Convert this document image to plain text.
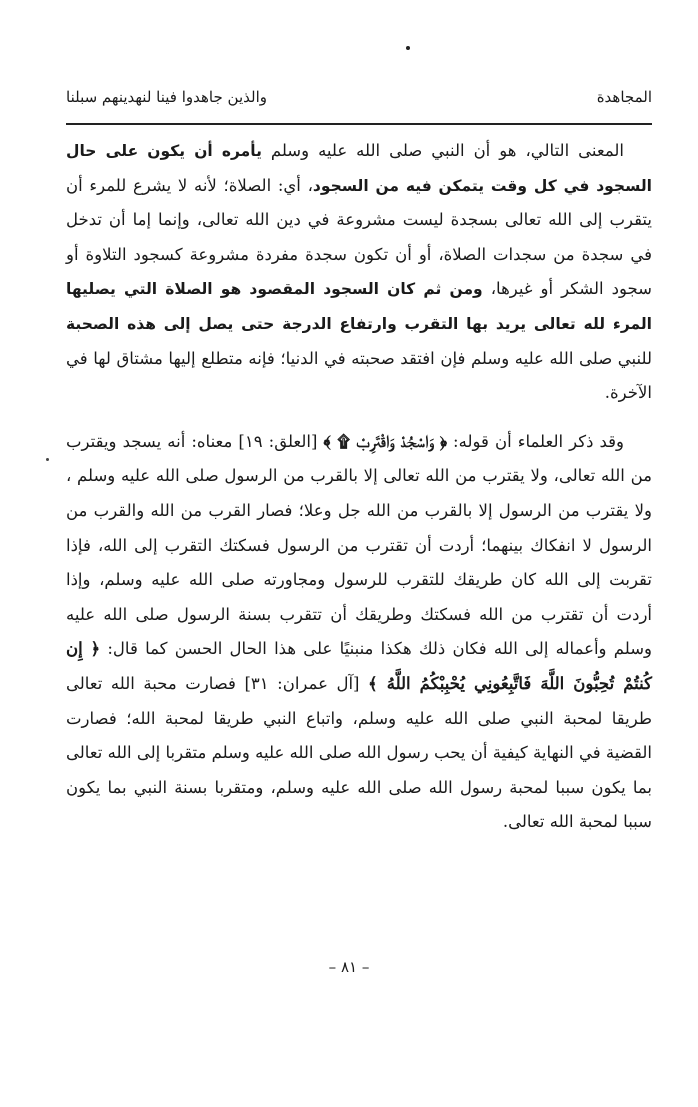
المجاهدة
والذين جاهدوا فينا لنهدينهم سبلنا

المعنى التالي، هو أن النبي صلى الله عليه وسلم يأمره أن يكون على حال السجود في كل وقت يتمكن فيه من السجود، أي: الصلاة؛ لأنه لا يشرع للمرء أن يتقرب إلى الله تعالى بسجدة ليست مشروعة في دين الله تعالى، وإنما إما أن تدخل في سجدة من سجدات الصلاة، أو أن تكون سجدة مفردة مشروعة كسجود التلاوة أو سجود الشكر أو غيرها، ومن ثم كان السجود المقصود هو الصلاة التي يصليها المرء لله تعالى يريد بها التقرب وارتفاع الدرجة حتى يصل إلى هذه الصحبة للنبي صلى الله عليه وسلم فإن افتقد صحبته في الدنيا؛ فإنه متطلع إليها مشتاق لها في الآخرة.

وقد ذكر العلماء أن قوله: ﴿ وَاسْجُدْ وَاقْتَرِبْ ۩ ﴾ [العلق: ١٩] معناه: أنه يسجد ويقترب من الله تعالى، ولا يقترب من الله تعالى إلا بالقرب من الرسول صلى الله عليه وسلم ، ولا يقترب من الرسول إلا بالقرب من الله جل وعلا؛ فصار القرب من الله والقرب من الرسول لا انفكاك بينهما؛ أردت أن تقترب من الرسول فسكتك التقرب إلى الله، فإذا تقربت إلى الله كان طريقك للتقرب للرسول ومجاورته صلى الله عليه وسلم، وإذا أردت أن تقترب من الله فسكتك وطريقك أن تتقرب بسنة الرسول صلى الله عليه وسلم وأعماله إلى الله فكان ذلك هكذا منبنيًا على هذا الحال الحسن كما قال: ﴿ إِن كُنتُمْ تُحِبُّونَ اللَّهَ فَاتَّبِعُونِي يُحْبِبْكُمُ اللَّهُ ﴾ [آل عمران: ٣١] فصارت محبة الله تعالى طريقا لمحبة النبي صلى الله عليه وسلم، واتباع النبي طريقا لمحبة الله؛ فصارت القضية في النهاية كيفية أن يحب رسول الله صلى الله عليه وسلم متقربا إلى الله تعالى بما يكون سببا لمحبة رسول الله صلى الله عليه وسلم، ومتقربا بسنة النبي بما يكون سببا لمحبة الله تعالى.

– ٨١ –
